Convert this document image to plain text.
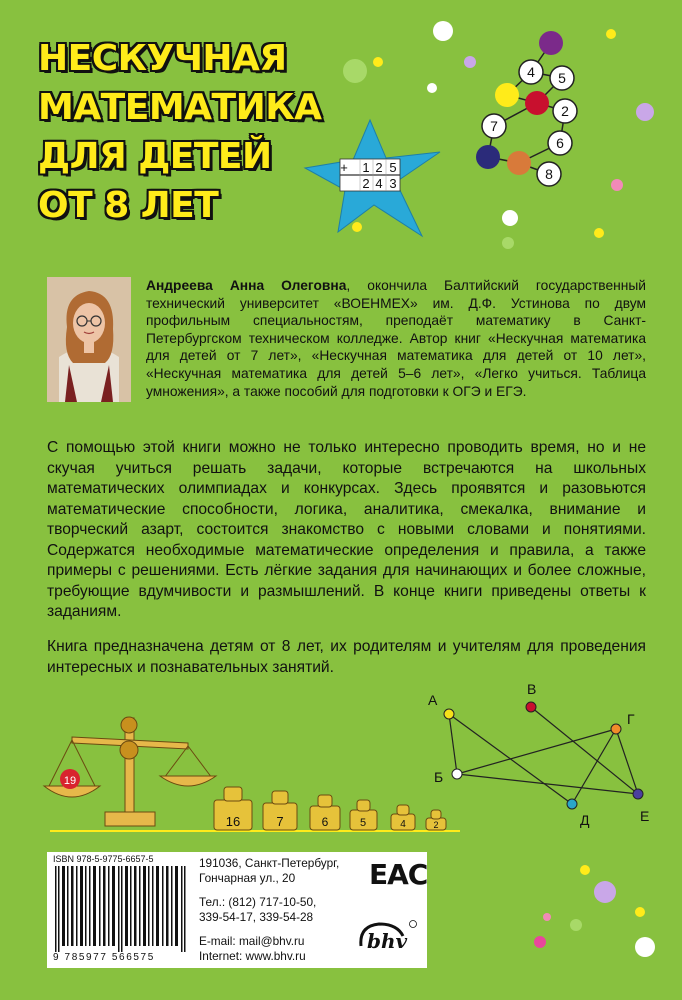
4 5
2
7
6
8
+ 1 2 5
2 4 3
19
16	7	6	5	4	2
А
В
Г
Б
Д	Е
НЕСКУЧНАЯ
МАТЕМАТИКА
ДЛЯ ДЕТЕЙ
ОТ 8 ЛЕТ
Андреева Анна Олеговна, окончила Балтийский государственный технический университет «ВОЕНМЕХ» им. Д.Ф. Устинова по двум профильным специальностям, преподаёт математику в Санкт-Петербургском техническом колледже. Автор книг «Нескучная математика для детей от 7 лет», «Нескучная математика для детей от 10 лет», «Нескучная математика для детей 5–6 лет», «Легко учиться. Таблица умножения», а также пособий для подготовки к ОГЭ и ЕГЭ.
С помощью этой книги можно не только интересно проводить время, но и не скучая учиться решать задачи, которые встречаются на школьных математических олимпиадах и конкурсах. Здесь проявятся и разовьются математические способности, логика, аналитика, смекалка, внимание и творческий азарт, состоится знакомство с новыми словами и понятиями. Содержатся необходимые математические определения и правила, а также примеры с решениями. Есть лёгкие задания для начинающих и более сложные, требующие вдумчивости и размышлений. В конце книги приведены ответы к заданиям.
Книга предназначена детям от 8 лет, их родителям и учителям для проведения интересных и познавательных занятий.
ISBN 978-5-9775-6657-5
9 785977 566575
191036, Санкт-Петербург,
Гончарная ул., 20
Тел.: (812) 717-10-50,
339-54-17, 339-54-28
E-mail: mail@bhv.ru
Internet: www.bhv.ru
EAC
bhv
